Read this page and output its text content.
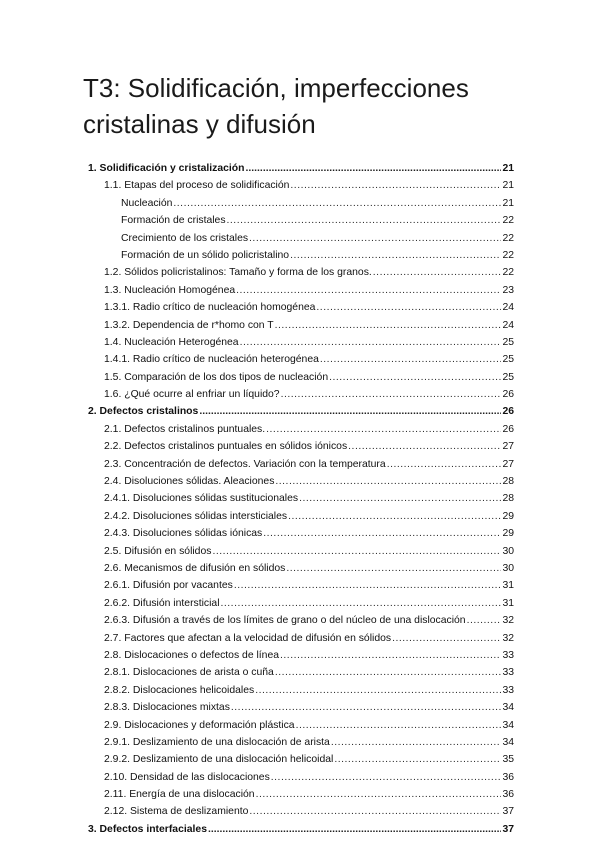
T3: Solidificación, imperfecciones
cristalinas y difusión
1. Solidificación y cristalización .....	21
1.1. Etapas del proceso de solidificación .....	21
Nucleación .....	21
Formación de cristales .....	22
Crecimiento de los cristales .....	22
Formación de un sólido policristalino .....	22
1.2. Sólidos policristalinos: Tamaño y forma de los granos. .....	22
1.3. Nucleación Homogénea .....	23
1.3.1. Radio crítico de nucleación homogénea .....	24
1.3.2. Dependencia de r*homo con T .....	24
1.4. Nucleación Heterogénea .....	25
1.4.1. Radio crítico de nucleación heterogénea .....	25
1.5. Comparación de los dos tipos de nucleación .....	25
1.6. ¿Qué ocurre al enfriar un líquido? .....	26
2. Defectos cristalinos .....	26
2.1. Defectos cristalinos puntuales. .....	26
2.2. Defectos cristalinos puntuales en sólidos iónicos .....	27
2.3. Concentración de defectos. Variación con la temperatura .....	27
2.4. Disoluciones sólidas. Aleaciones .....	28
2.4.1. Disoluciones sólidas sustitucionales .....	28
2.4.2. Disoluciones sólidas intersticiales .....	29
2.4.3. Disoluciones sólidas iónicas .....	29
2.5. Difusión en sólidos .....	30
2.6. Mecanismos de difusión en sólidos .....	30
2.6.1. Difusión por vacantes .....	31
2.6.2. Difusión intersticial .....	31
2.6.3. Difusión a través de los límites de grano o del núcleo de una dislocación .....	32
2.7. Factores que afectan a la velocidad de difusión en sólidos .....	32
2.8. Dislocaciones o defectos de línea .....	33
2.8.1. Dislocaciones de arista o cuña .....	33
2.8.2. Dislocaciones helicoidales .....	33
2.8.3. Dislocaciones mixtas .....	34
2.9. Dislocaciones y deformación plástica .....	34
2.9.1. Deslizamiento de una dislocación de arista .....	34
2.9.2. Deslizamiento de una dislocación helicoidal .....	35
2.10. Densidad de las dislocaciones .....	36
2.11. Energía de una dislocación .....	36
2.12. Sistema de deslizamiento .....	37
3. Defectos interfaciales .....	37
